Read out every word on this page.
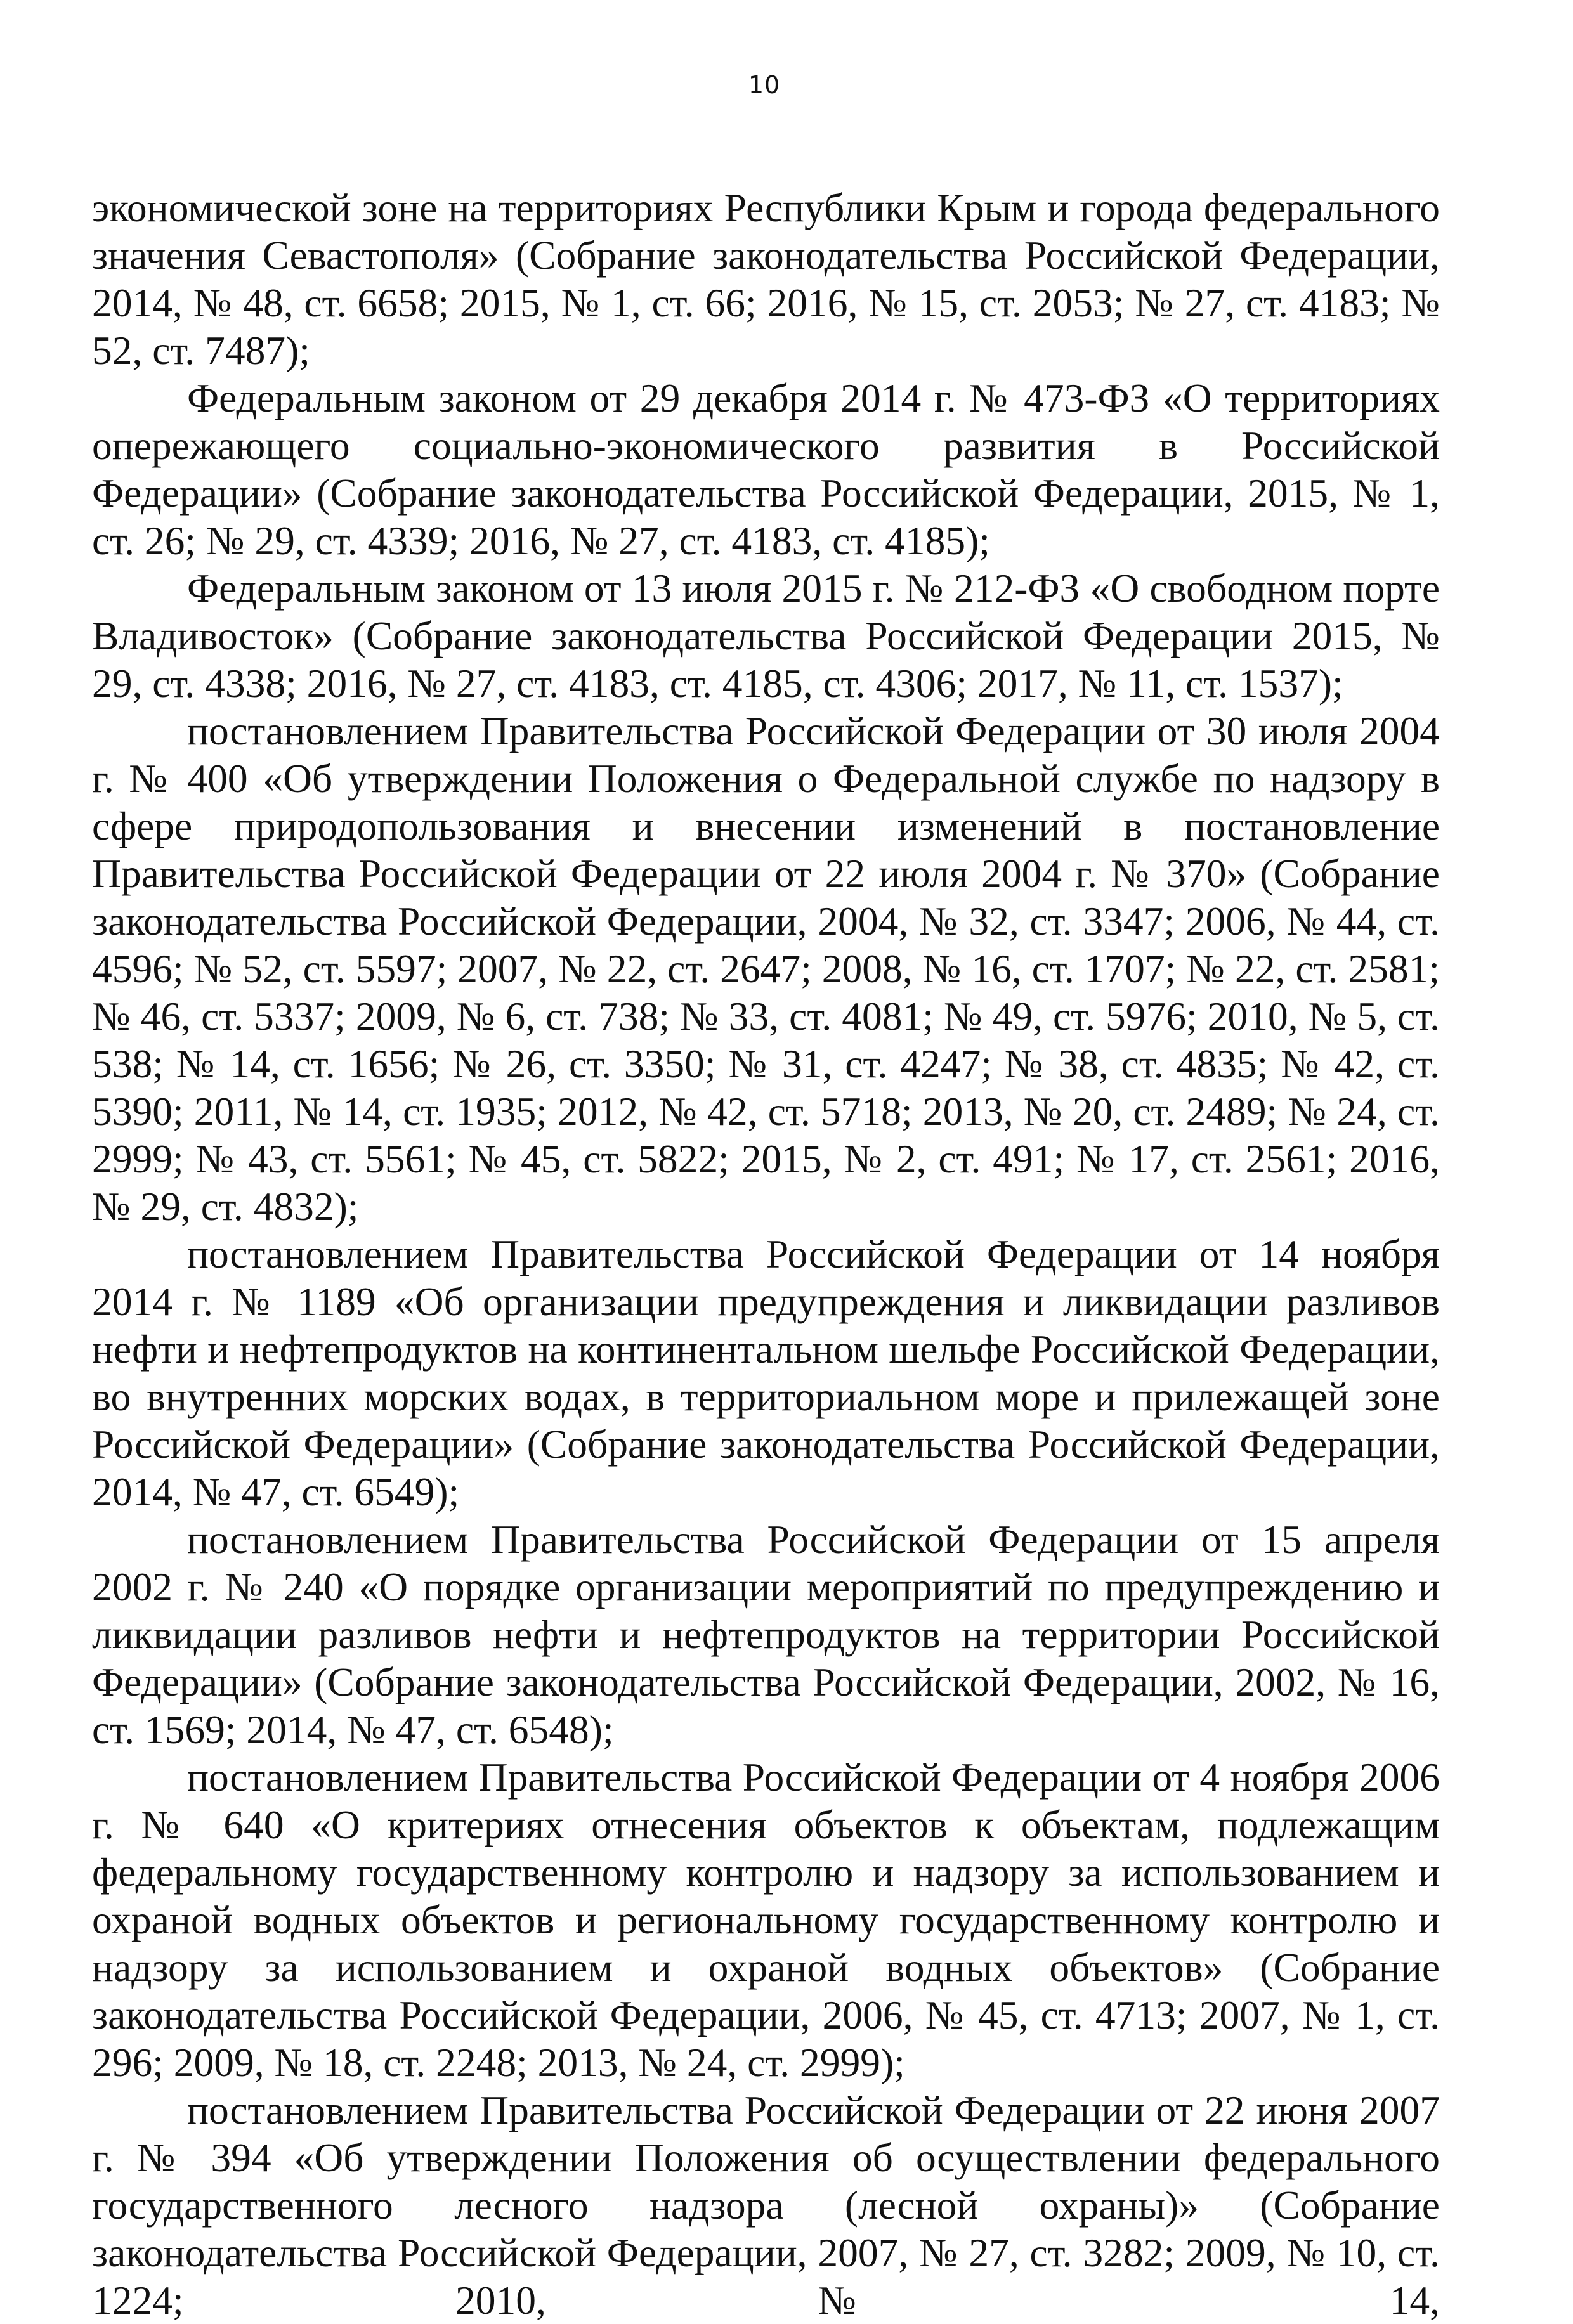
10

экономической зоне на территориях Республики Крым и города федерального значения Севастополя» (Собрание законодательства Российской Федерации, 2014, № 48, ст. 6658; 2015, № 1, ст. 66; 2016, № 15, ст. 2053; № 27, ст. 4183; № 52, ст. 7487);

Федеральным законом от 29 декабря 2014 г. № 473-ФЗ «О территориях опережающего социально-экономического развития в Российской Федерации» (Собрание законодательства Российской Федерации, 2015, № 1, ст. 26; № 29, ст. 4339; 2016, № 27, ст. 4183, ст. 4185);

Федеральным законом от 13 июля 2015 г. № 212-ФЗ «О свободном порте Владивосток» (Собрание законодательства Российской Федерации 2015, № 29, ст. 4338; 2016, № 27, ст. 4183, ст. 4185, ст. 4306; 2017, № 11, ст. 1537);

постановлением Правительства Российской Федерации от 30 июля 2004 г. № 400 «Об утверждении Положения о Федеральной службе по надзору в сфере природопользования и внесении изменений в постановление Правительства Российской Федерации от 22 июля 2004 г. № 370» (Собрание законодательства Российской Федерации, 2004, № 32, ст. 3347; 2006, № 44, ст. 4596; № 52, ст. 5597; 2007, № 22, ст. 2647; 2008, № 16, ст. 1707; № 22, ст. 2581; № 46, ст. 5337; 2009, № 6, ст. 738; № 33, ст. 4081; № 49, ст. 5976; 2010, № 5, ст. 538; № 14, ст. 1656; № 26, ст. 3350; № 31, ст. 4247; № 38, ст. 4835; № 42, ст. 5390; 2011, № 14, ст. 1935; 2012, № 42, ст. 5718; 2013, № 20, ст. 2489; № 24, ст. 2999; № 43, ст. 5561; № 45, ст. 5822; 2015, № 2, ст. 491; № 17, ст. 2561; 2016, № 29, ст. 4832);

постановлением Правительства Российской Федерации от 14 ноября 2014 г. № 1189 «Об организации предупреждения и ликвидации разливов нефти и нефтепродуктов на континентальном шельфе Российской Федерации, во внутренних морских водах, в территориальном море и прилежащей зоне Российской Федерации» (Собрание законодательства Российской Федерации, 2014, № 47, ст. 6549);

постановлением Правительства Российской Федерации от 15 апреля 2002 г. № 240 «О порядке организации мероприятий по предупреждению и ликвидации разливов нефти и нефтепродуктов на территории Российской Федерации» (Собрание законодательства Российской Федерации, 2002, № 16, ст. 1569; 2014, № 47, ст. 6548);

постановлением Правительства Российской Федерации от 4 ноября 2006 г. № 640 «О критериях отнесения объектов к объектам, подлежащим федеральному государственному контролю и надзору за использованием и охраной водных объектов и региональному государственному контролю и надзору за использованием и охраной водных объектов» (Собрание законодательства Российской Федерации, 2006, № 45, ст. 4713; 2007, № 1, ст. 296; 2009, № 18, ст. 2248; 2013, № 24, ст. 2999);

постановлением Правительства Российской Федерации от 22 июня 2007 г. № 394 «Об утверждении Положения об осуществлении федерального государственного лесного надзора (лесной охраны)» (Собрание законодательства Российской Федерации, 2007, № 27, ст. 3282; 2009, № 10, ст. 1224; 2010, № 14,
